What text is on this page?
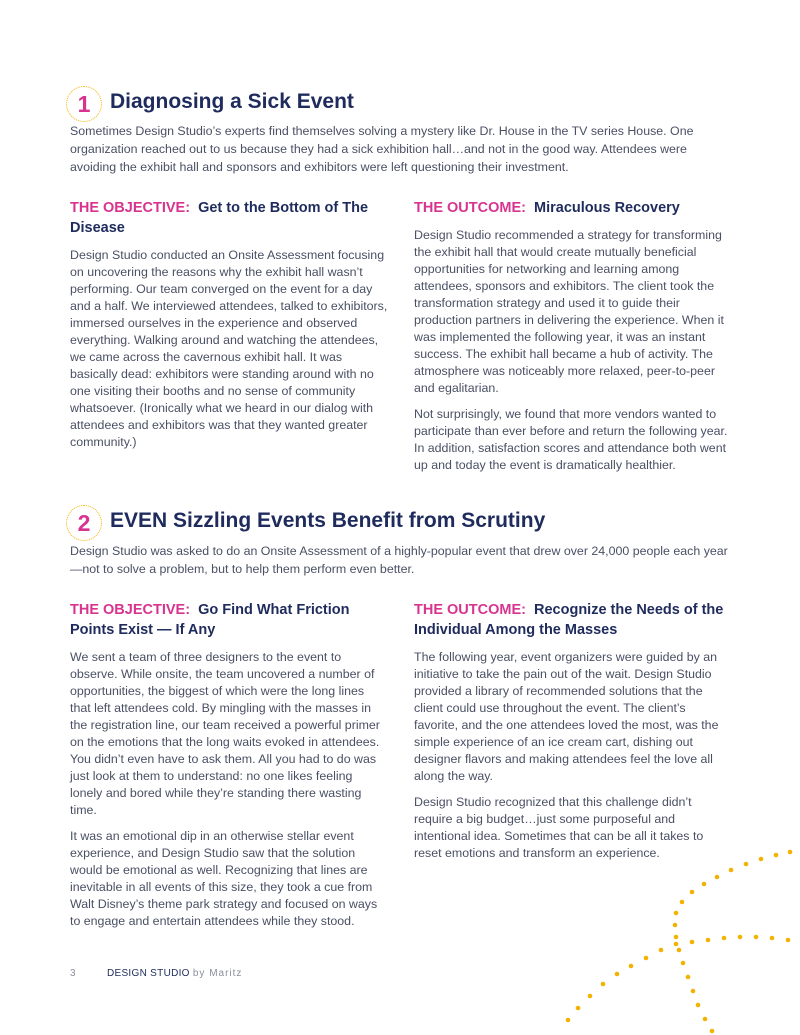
1 Diagnosing a Sick Event

Sometimes Design Studio’s experts find themselves solving a mystery like Dr. House in the TV series House. One organization reached out to us because they had a sick exhibition hall…and not in the good way. Attendees were avoiding the exhibit hall and sponsors and exhibitors were left questioning their investment.

THE OBJECTIVE: Get to the Bottom of The Disease

Design Studio conducted an Onsite Assessment focusing on uncovering the reasons why the exhibit hall wasn’t performing. Our team converged on the event for a day and a half. We interviewed attendees, talked to exhibitors, immersed ourselves in the experience and observed everything. Walking around and watching the attendees, we came across the cavernous exhibit hall. It was basically dead: exhibitors were standing around with no one visiting their booths and no sense of community whatsoever. (Ironically what we heard in our dialog with attendees and exhibitors was that they wanted greater community.)

THE OUTCOME: Miraculous Recovery

Design Studio recommended a strategy for transforming the exhibit hall that would create mutually beneficial opportunities for networking and learning among attendees, sponsors and exhibitors. The client took the transformation strategy and used it to guide their production partners in delivering the experience. When it was implemented the following year, it was an instant success. The exhibit hall became a hub of activity. The atmosphere was noticeably more relaxed, peer-to-peer and egalitarian.

Not surprisingly, we found that more vendors wanted to participate than ever before and return the following year. In addition, satisfaction scores and attendance both went up and today the event is dramatically healthier.

2 EVEN Sizzling Events Benefit from Scrutiny

Design Studio was asked to do an Onsite Assessment of a highly-popular event that drew over 24,000 people each year—not to solve a problem, but to help them perform even better.

THE OBJECTIVE: Go Find What Friction Points Exist — If Any

We sent a team of three designers to the event to observe. While onsite, the team uncovered a number of opportunities, the biggest of which were the long lines that left attendees cold. By mingling with the masses in the registration line, our team received a powerful primer on the emotions that the long waits evoked in attendees. You didn’t even have to ask them. All you had to do was just look at them to understand: no one likes feeling lonely and bored while they’re standing there wasting time.

It was an emotional dip in an otherwise stellar event experience, and Design Studio saw that the solution would be emotional as well. Recognizing that lines are inevitable in all events of this size, they took a cue from Walt Disney’s theme park strategy and focused on ways to engage and entertain attendees while they stood.

THE OUTCOME: Recognize the Needs of the Individual Among the Masses

The following year, event organizers were guided by an initiative to take the pain out of the wait. Design Studio provided a library of recommended solutions that the client could use throughout the event. The client’s favorite, and the one attendees loved the most, was the simple experience of an ice cream cart, dishing out designer flavors and making attendees feel the love all along the way.

Design Studio recognized that this challenge didn’t require a big budget…just some purposeful and intentional idea. Sometimes that can be all it takes to reset emotions and transform an experience.

3	DESIGN STUDIO by Maritz
